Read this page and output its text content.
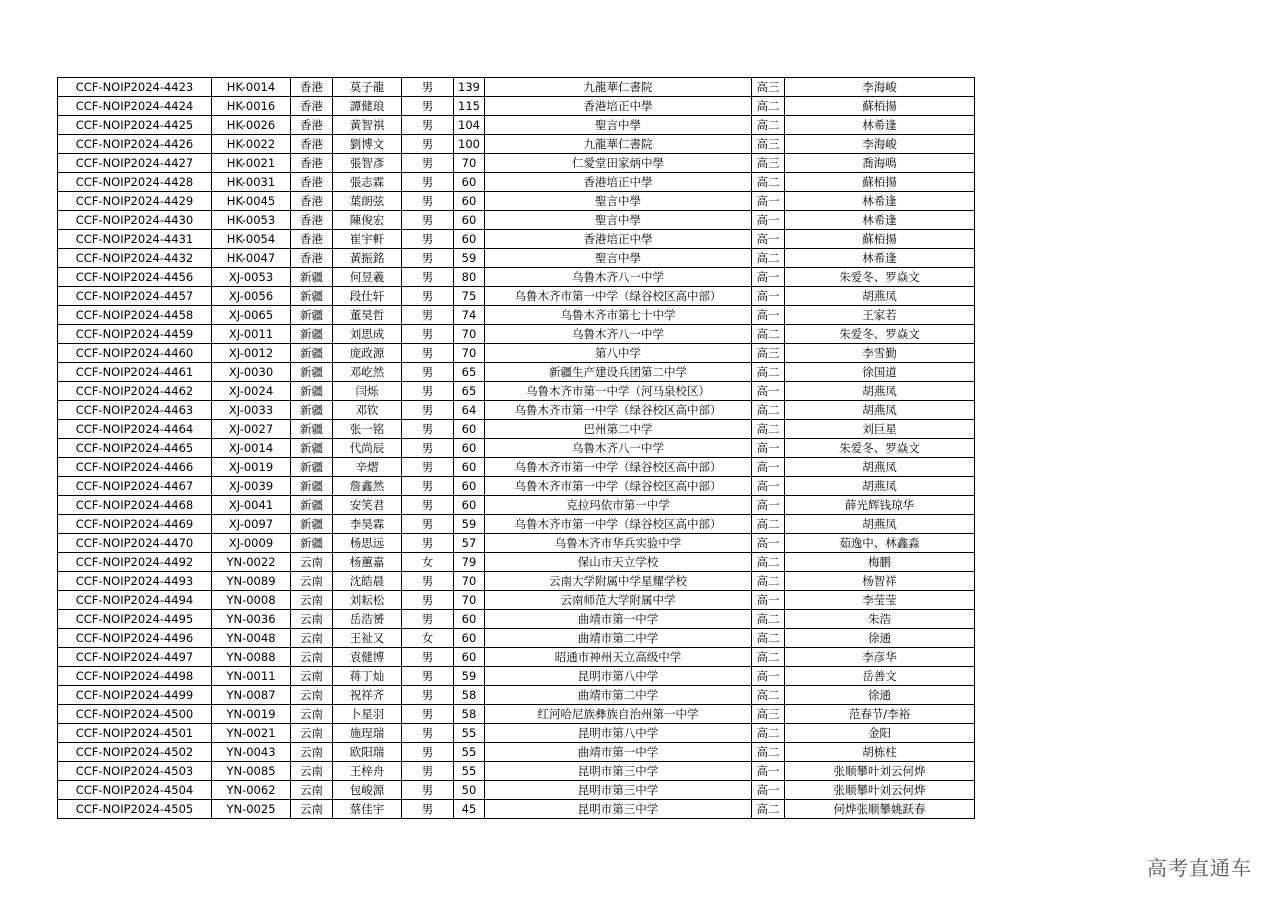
CCF-NOIP2024-4423	HK-0014	香港	莫子龍	男	139	九龍華仁書院	高三	李海峻
CCF-NOIP2024-4424	HK-0016	香港	譚健琅	男	115	香港培正中學	高二	蘇栢揚
CCF-NOIP2024-4425	HK-0026	香港	黃智祺	男	104	聖言中學	高二	林希逢
CCF-NOIP2024-4426	HK-0022	香港	劉博文	男	100	九龍華仁書院	高三	李海峻
CCF-NOIP2024-4427	HK-0021	香港	張智彥	男	70	仁愛堂田家炳中學	高三	喬海鳴
CCF-NOIP2024-4428	HK-0031	香港	張志霖	男	60	香港培正中學	高二	蘇栢揚
CCF-NOIP2024-4429	HK-0045	香港	葉朗弦	男	60	聖言中學	高一	林希逢
CCF-NOIP2024-4430	HK-0053	香港	陳俊宏	男	60	聖言中學	高一	林希逢
CCF-NOIP2024-4431	HK-0054	香港	崔宇軒	男	60	香港培正中學	高一	蘇栢揚
CCF-NOIP2024-4432	HK-0047	香港	黃振銘	男	59	聖言中學	高二	林希逢
CCF-NOIP2024-4456	XJ-0053	新疆	何昱羲	男	80	乌鲁木齐八一中学	高一	朱爱冬、罗焱文
CCF-NOIP2024-4457	XJ-0056	新疆	段仕轩	男	75	乌鲁木齐市第一中学（绿谷校区高中部）	高一	胡燕凤
CCF-NOIP2024-4458	XJ-0065	新疆	董昊哲	男	74	乌鲁木齐市第七十中学	高一	王家若
CCF-NOIP2024-4459	XJ-0011	新疆	刘思成	男	70	乌鲁木齐八一中学	高二	朱爱冬、罗焱文
CCF-NOIP2024-4460	XJ-0012	新疆	庞政源	男	70	第八中学	高三	李雪勤
CCF-NOIP2024-4461	XJ-0030	新疆	邓屹然	男	65	新疆生产建设兵团第二中学	高二	徐国道
CCF-NOIP2024-4462	XJ-0024	新疆	闫烁	男	65	乌鲁木齐市第一中学（河马泉校区）	高一	胡燕凤
CCF-NOIP2024-4463	XJ-0033	新疆	邓钦	男	64	乌鲁木齐市第一中学（绿谷校区高中部）	高二	胡燕凤
CCF-NOIP2024-4464	XJ-0027	新疆	张一铭	男	60	巴州第二中学	高二	刘巨星
CCF-NOIP2024-4465	XJ-0014	新疆	代尚辰	男	60	乌鲁木齐八一中学	高一	朱爱冬、罗焱文
CCF-NOIP2024-4466	XJ-0019	新疆	辛熠	男	60	乌鲁木齐市第一中学（绿谷校区高中部）	高一	胡燕凤
CCF-NOIP2024-4467	XJ-0039	新疆	詹鑫然	男	60	乌鲁木齐市第一中学（绿谷校区高中部）	高一	胡燕凤
CCF-NOIP2024-4468	XJ-0041	新疆	安笑君	男	60	克拉玛依市第一中学	高一	薛光辉钱琼华
CCF-NOIP2024-4469	XJ-0097	新疆	李昊霖	男	59	乌鲁木齐市第一中学（绿谷校区高中部）	高二	胡燕凤
CCF-NOIP2024-4470	XJ-0009	新疆	杨思远	男	57	乌鲁木齐市华兵实验中学	高一	茹逸中、林鑫淼
CCF-NOIP2024-4492	YN-0022	云南	杨蕙嘉	女	79	保山市天立学校	高二	梅鹏
CCF-NOIP2024-4493	YN-0089	云南	沈皓晨	男	70	云南大学附属中学星耀学校	高二	杨智祥
CCF-NOIP2024-4494	YN-0008	云南	刘耘松	男	70	云南师范大学附属中学	高一	李莹莹
CCF-NOIP2024-4495	YN-0036	云南	岳浩赟	男	60	曲靖市第一中学	高二	朱浩
CCF-NOIP2024-4496	YN-0048	云南	王祉又	女	60	曲靖市第二中学	高二	徐通
CCF-NOIP2024-4497	YN-0088	云南	袁健博	男	60	昭通市神州天立高级中学	高二	李彦华
CCF-NOIP2024-4498	YN-0011	云南	蒋丁灿	男	59	昆明市第八中学	高一	岳善文
CCF-NOIP2024-4499	YN-0087	云南	祝祥齐	男	58	曲靖市第二中学	高二	徐通
CCF-NOIP2024-4500	YN-0019	云南	卜星羽	男	58	红河哈尼族彝族自治州第一中学	高三	范春节/李裕
CCF-NOIP2024-4501	YN-0021	云南	施珵瑞	男	55	昆明市第八中学	高二	金阳
CCF-NOIP2024-4502	YN-0043	云南	欧阳瑞	男	55	曲靖市第一中学	高二	胡栋柱
CCF-NOIP2024-4503	YN-0085	云南	王梓舟	男	55	昆明市第三中学	高一	张顺攀叶刘云何烨
CCF-NOIP2024-4504	YN-0062	云南	包峻源	男	50	昆明市第三中学	高一	张顺攀叶刘云何烨
CCF-NOIP2024-4505	YN-0025	云南	蔡佳宇	男	45	昆明市第三中学	高二	何烨张顺攀姚跃春
高考直通车
